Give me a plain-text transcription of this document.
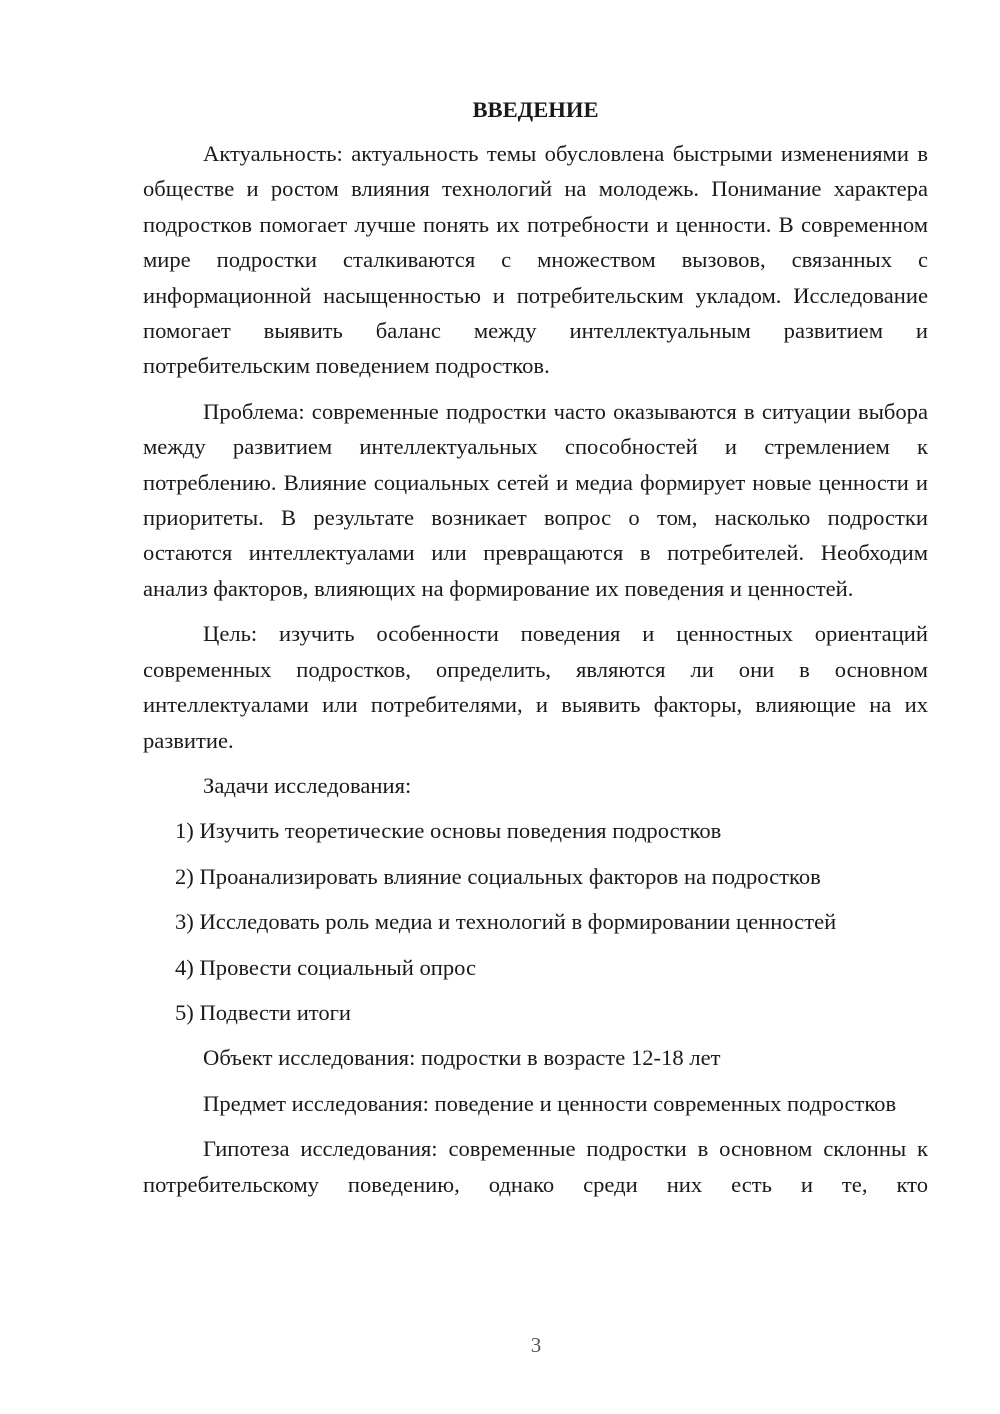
ВВЕДЕНИЕ

Актуальность: актуальность темы обусловлена быстрыми изменениями в обществе и ростом влияния технологий на молодежь. Понимание характера подростков помогает лучше понять их потребности и ценности. В современном мире подростки сталкиваются с множеством вызовов, связанных с информационной насыщенностью и потребительским укладом. Исследование помогает выявить баланс между интеллектуальным развитием и потребительским поведением подростков.

Проблема: современные подростки часто оказываются в ситуации выбора между развитием интеллектуальных способностей и стремлением к потреблению. Влияние социальных сетей и медиа формирует новые ценности и приоритеты. В результате возникает вопрос о том, насколько подростки остаются интеллектуалами или превращаются в потребителей. Необходим анализ факторов, влияющих на формирование их поведения и ценностей.

Цель: изучить особенности поведения и ценностных ориентаций современных подростков, определить, являются ли они в основном интеллектуалами или потребителями, и выявить факторы, влияющие на их развитие.

Задачи исследования:

1) Изучить теоретические основы поведения подростков

2) Проанализировать влияние социальных факторов на подростков

3) Исследовать роль медиа и технологий в формировании ценностей

4) Провести социальный опрос

5) Подвести итоги

Объект исследования: подростки в возрасте 12-18 лет

Предмет исследования: поведение и ценности современных подростков

Гипотеза исследования: современные подростки в основном склонны к потребительскому поведению, однако среди них есть и те, кто

3
